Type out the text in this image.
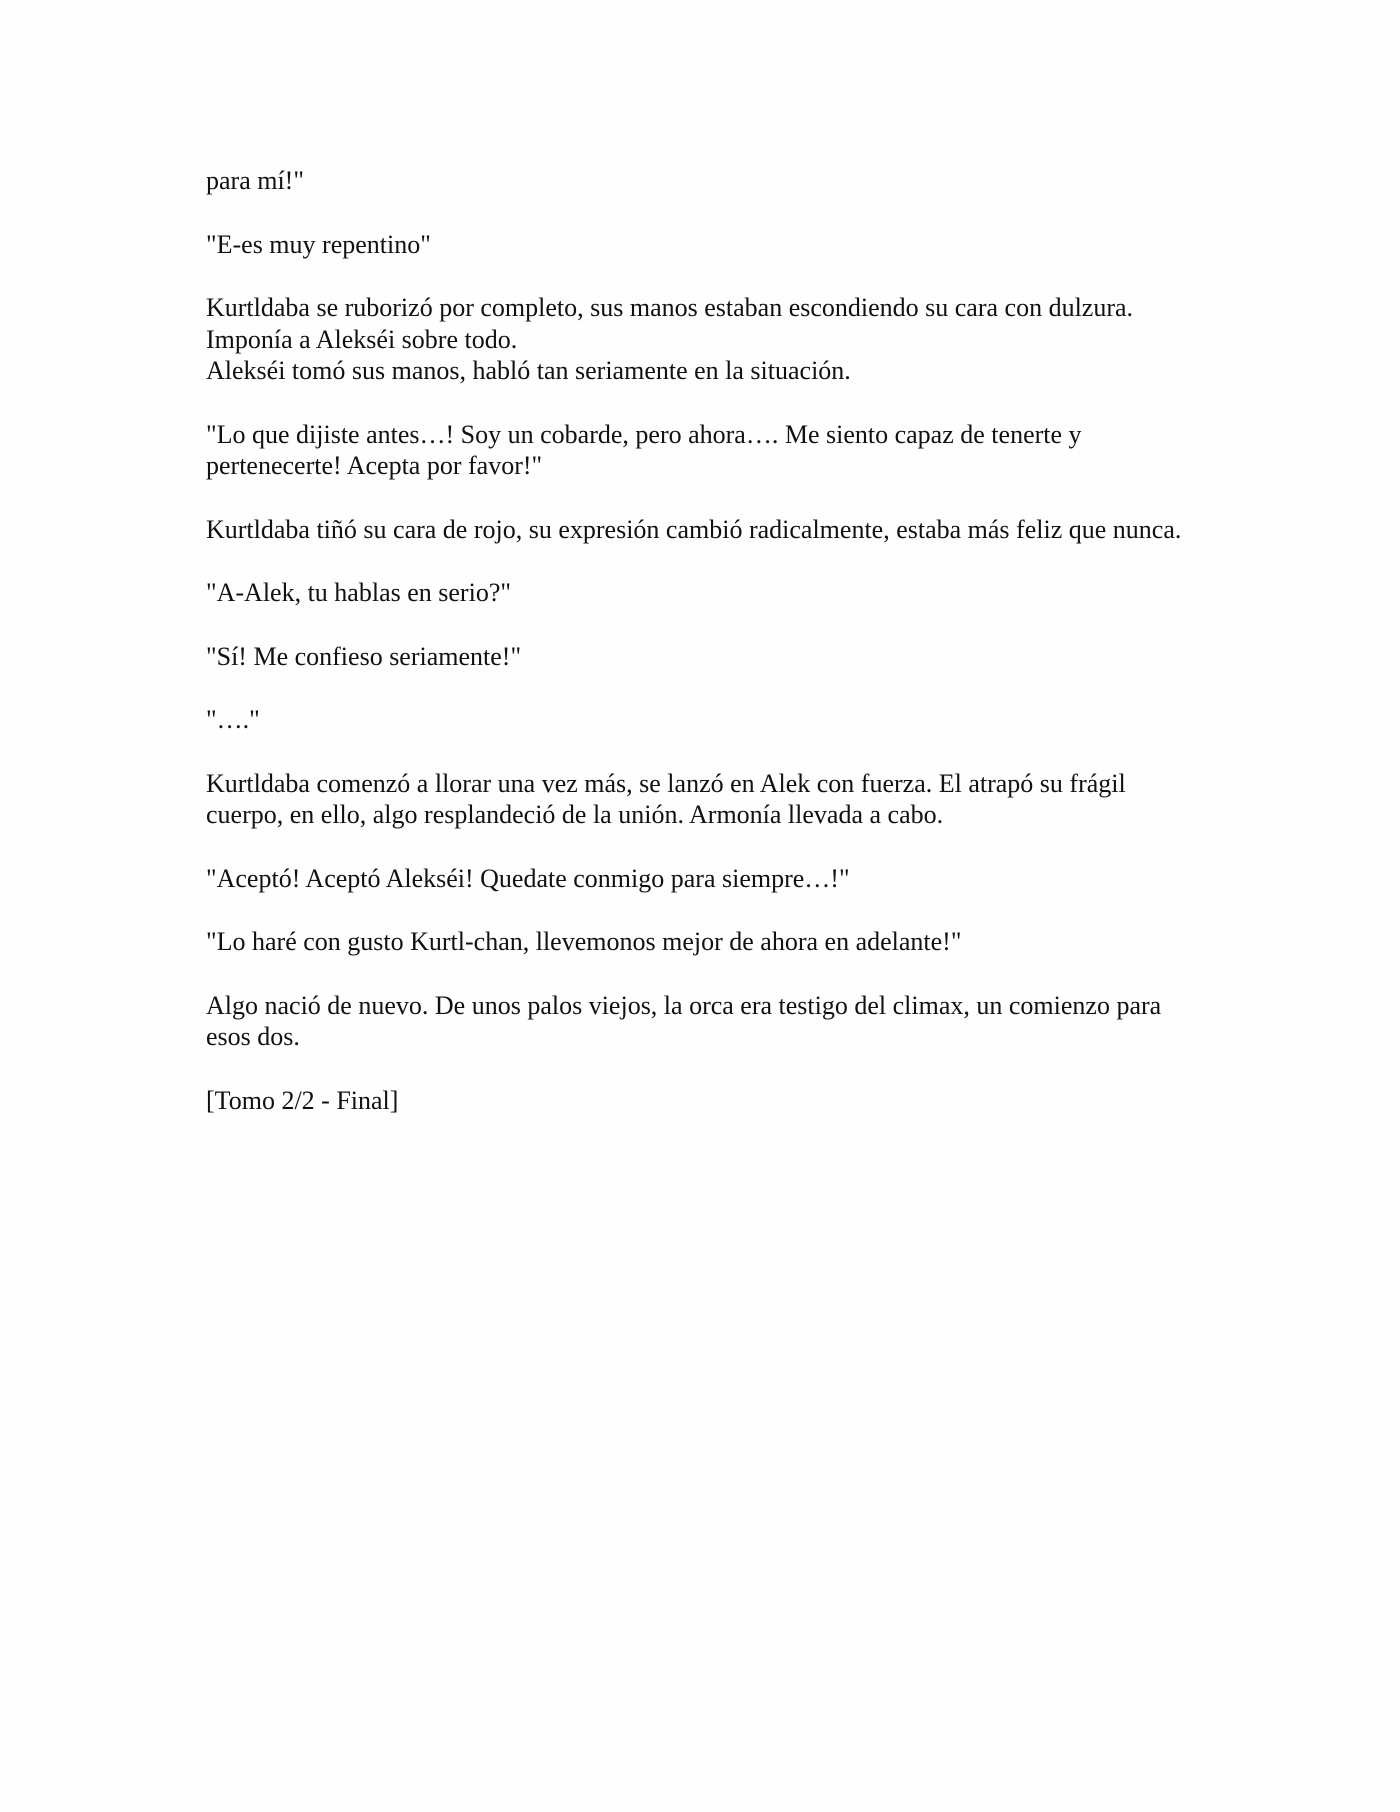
para mí!"

"E-es muy repentino"

Kurtldaba se ruborizó por completo, sus manos estaban escondiendo su cara con dulzura.

Imponía a Alekséi sobre todo.

Alekséi tomó sus manos, habló tan seriamente en la situación.

"Lo que dijiste antes…! Soy un cobarde, pero ahora…. Me siento capaz de tenerte y pertenecerte! Acepta por favor!"

Kurtldaba tiñó su cara de rojo, su expresión cambió radicalmente, estaba más feliz que nunca.

"A-Alek, tu hablas en serio?"

"Sí! Me confieso seriamente!"

"…."

Kurtldaba comenzó a llorar una vez más, se lanzó en Alek con fuerza. El atrapó su frágil cuerpo, en ello, algo resplandeció de la unión. Armonía llevada a cabo.

"Aceptó! Aceptó Alekséi! Quedate conmigo para siempre…!"

"Lo haré con gusto Kurtl-chan, llevemonos mejor de ahora en adelante!"

Algo nació de nuevo. De unos palos viejos, la orca era testigo del climax, un comienzo para esos dos.

[Tomo 2/2 - Final]
